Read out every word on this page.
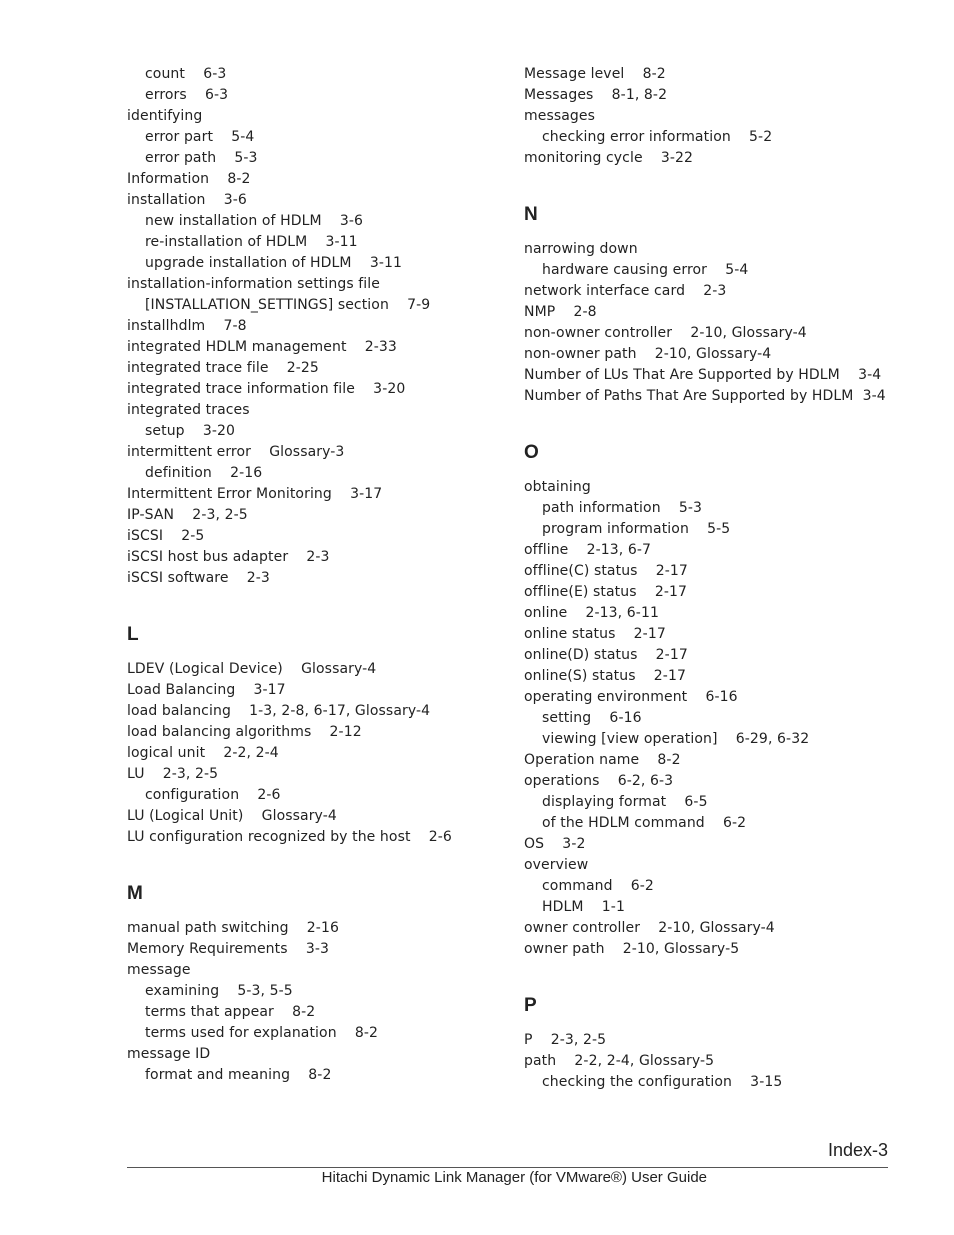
count    6-3
errors    6-3
identifying
error part    5-4
error path    5-3
Information    8-2
installation    3-6
new installation of HDLM    3-6
re-installation of HDLM    3-11
upgrade installation of HDLM    3-11
installation-information settings file
[INSTALLATION_SETTINGS] section    7-9
installhdlm    7-8
integrated HDLM management    2-33
integrated trace file    2-25
integrated trace information file    3-20
integrated traces
setup    3-20
intermittent error    Glossary-3
definition    2-16
Intermittent Error Monitoring    3-17
IP-SAN    2-3, 2-5
iSCSI    2-5
iSCSI host bus adapter    2-3
iSCSI software    2-3
L
LDEV (Logical Device)    Glossary-4
Load Balancing    3-17
load balancing    1-3, 2-8, 6-17, Glossary-4
load balancing algorithms    2-12
logical unit    2-2, 2-4
LU    2-3, 2-5
configuration    2-6
LU (Logical Unit)    Glossary-4
LU configuration recognized by the host    2-6
M
manual path switching    2-16
Memory Requirements    3-3
message
examining    5-3, 5-5
terms that appear    8-2
terms used for explanation    8-2
message ID
format and meaning    8-2
Message level    8-2
Messages    8-1, 8-2
messages
checking error information    5-2
monitoring cycle    3-22
N
narrowing down
hardware causing error    5-4
network interface card    2-3
NMP    2-8
non-owner controller    2-10, Glossary-4
non-owner path    2-10, Glossary-4
Number of LUs That Are Supported by HDLM    3-4
Number of Paths That Are Supported by HDLM  3-4
O
obtaining
path information    5-3
program information    5-5
offline    2-13, 6-7
offline(C) status    2-17
offline(E) status    2-17
online    2-13, 6-11
online status    2-17
online(D) status    2-17
online(S) status    2-17
operating environment    6-16
setting    6-16
viewing [view operation]    6-29, 6-32
Operation name    8-2
operations    6-2, 6-3
displaying format    6-5
of the HDLM command    6-2
OS    3-2
overview
command    6-2
HDLM    1-1
owner controller    2-10, Glossary-4
owner path    2-10, Glossary-5
P
P    2-3, 2-5
path    2-2, 2-4, Glossary-5
checking the configuration    3-15
Index-3
Hitachi Dynamic Link Manager (for VMware®) User Guide
